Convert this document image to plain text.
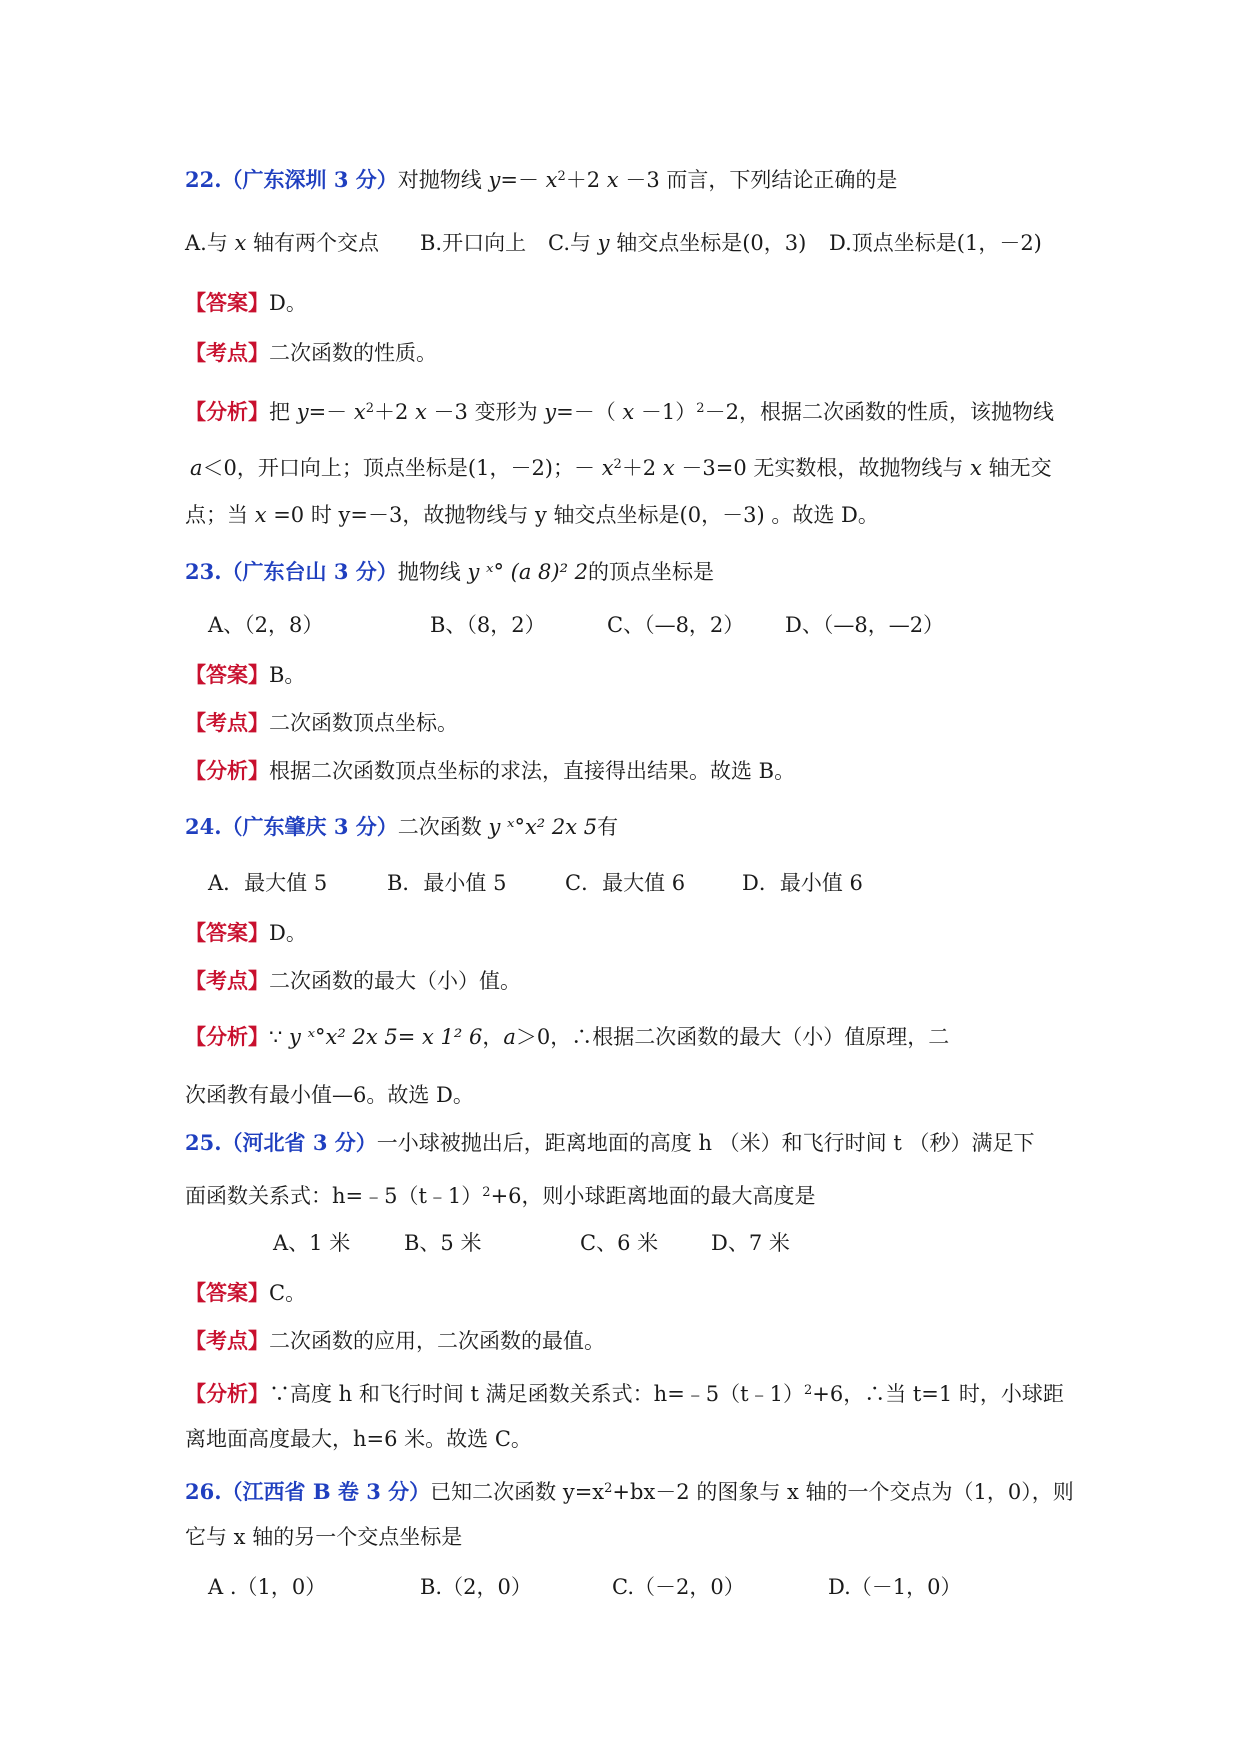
22.（广东深圳 3 分）对抛物线 $y=- x^2+2$ x －3 而言，下列结论正确的是
A.与 x 轴有两个交点 B.开口向上 C.与 y 轴交点坐标是(0，3) D.顶点坐标是(1，－2)
【答案】D。
【考点】二次函数的性质。
【分析】把 $y=- x^2+2$ x －3 变形为 y=－（ x －1）$^2$－2，根据二次函数的性质，该抛物线
a＜0，开口向上；顶点坐标是(1，－2)；－ $x^2+2$ x －3=0 无实数根，故抛物线与 x 轴无交
点；当 x =0 时 y=－3，故抛物线与 y 轴交点坐标是(0，－3) 。故选 D。
23.（广东台山 3 分）抛物线 y ˣ° (a 8)² 2的顶点坐标是
A、（2，8）	B、（8，2）	C、（—8，2） D、（—8，—2）
【答案】B。
【考点】二次函数顶点坐标。
【分析】根据二次函数顶点坐标的求法，直接得出结果。故选 B。
24.（广东肇庆 3 分）二次函数 y ˣ°x² 2x 5有
A．最大值 5	B．最小值 5	C．最大值 6	D．最小值 6
【答案】D。
【考点】二次函数的最大（小）值。
【分析】∵ y ˣ°x² 2x 5= x 1² 6，a＞0，∴根据二次函数的最大（小）值原理，二
次函教有最小值—6。故选 D。
25.（河北省 3 分）一小球被抛出后，距离地面的高度 h （米）和飞行时间 t （秒）满足下
面函数关系式：h=﹣5（t﹣1）$^2$+6，则小球距离地面的最大高度是
A、1 米	B、5 米	C、6 米	D、7 米
【答案】C。
【考点】二次函数的应用，二次函数的最值。
【分析】∵高度 h 和飞行时间 t 满足函数关系式：h=﹣5（t﹣1）$^2$+6，∴当 t=1 时，小球距
离地面高度最大，h=6 米。故选 C。
26.（江西省 B 卷 3 分）已知二次函数 $y=x^2+bx-2$ 的图象与 x 轴的一个交点为（1，0），则
它与 x 轴的另一个交点坐标是
A .（1，0）	B.（2，0）	C.（－2，0）	D.（－1，0）
